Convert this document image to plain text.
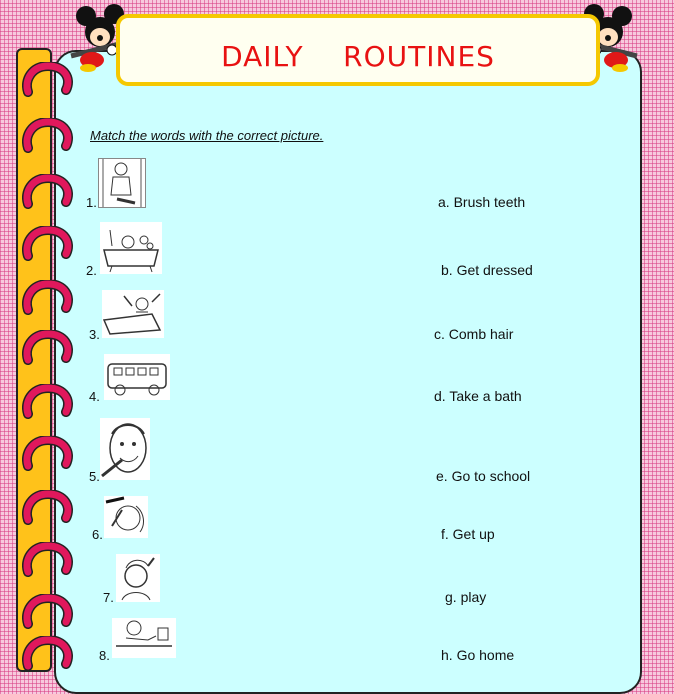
DAILY    ROUTINES
Match the words with the correct picture.
1.
2.
3.
4.
5.
6.
7.
8.
a. Brush teeth
b. Get dressed
c. Comb hair
d. Take a bath
e. Go to school
f. Get up
g. play
h. Go home
